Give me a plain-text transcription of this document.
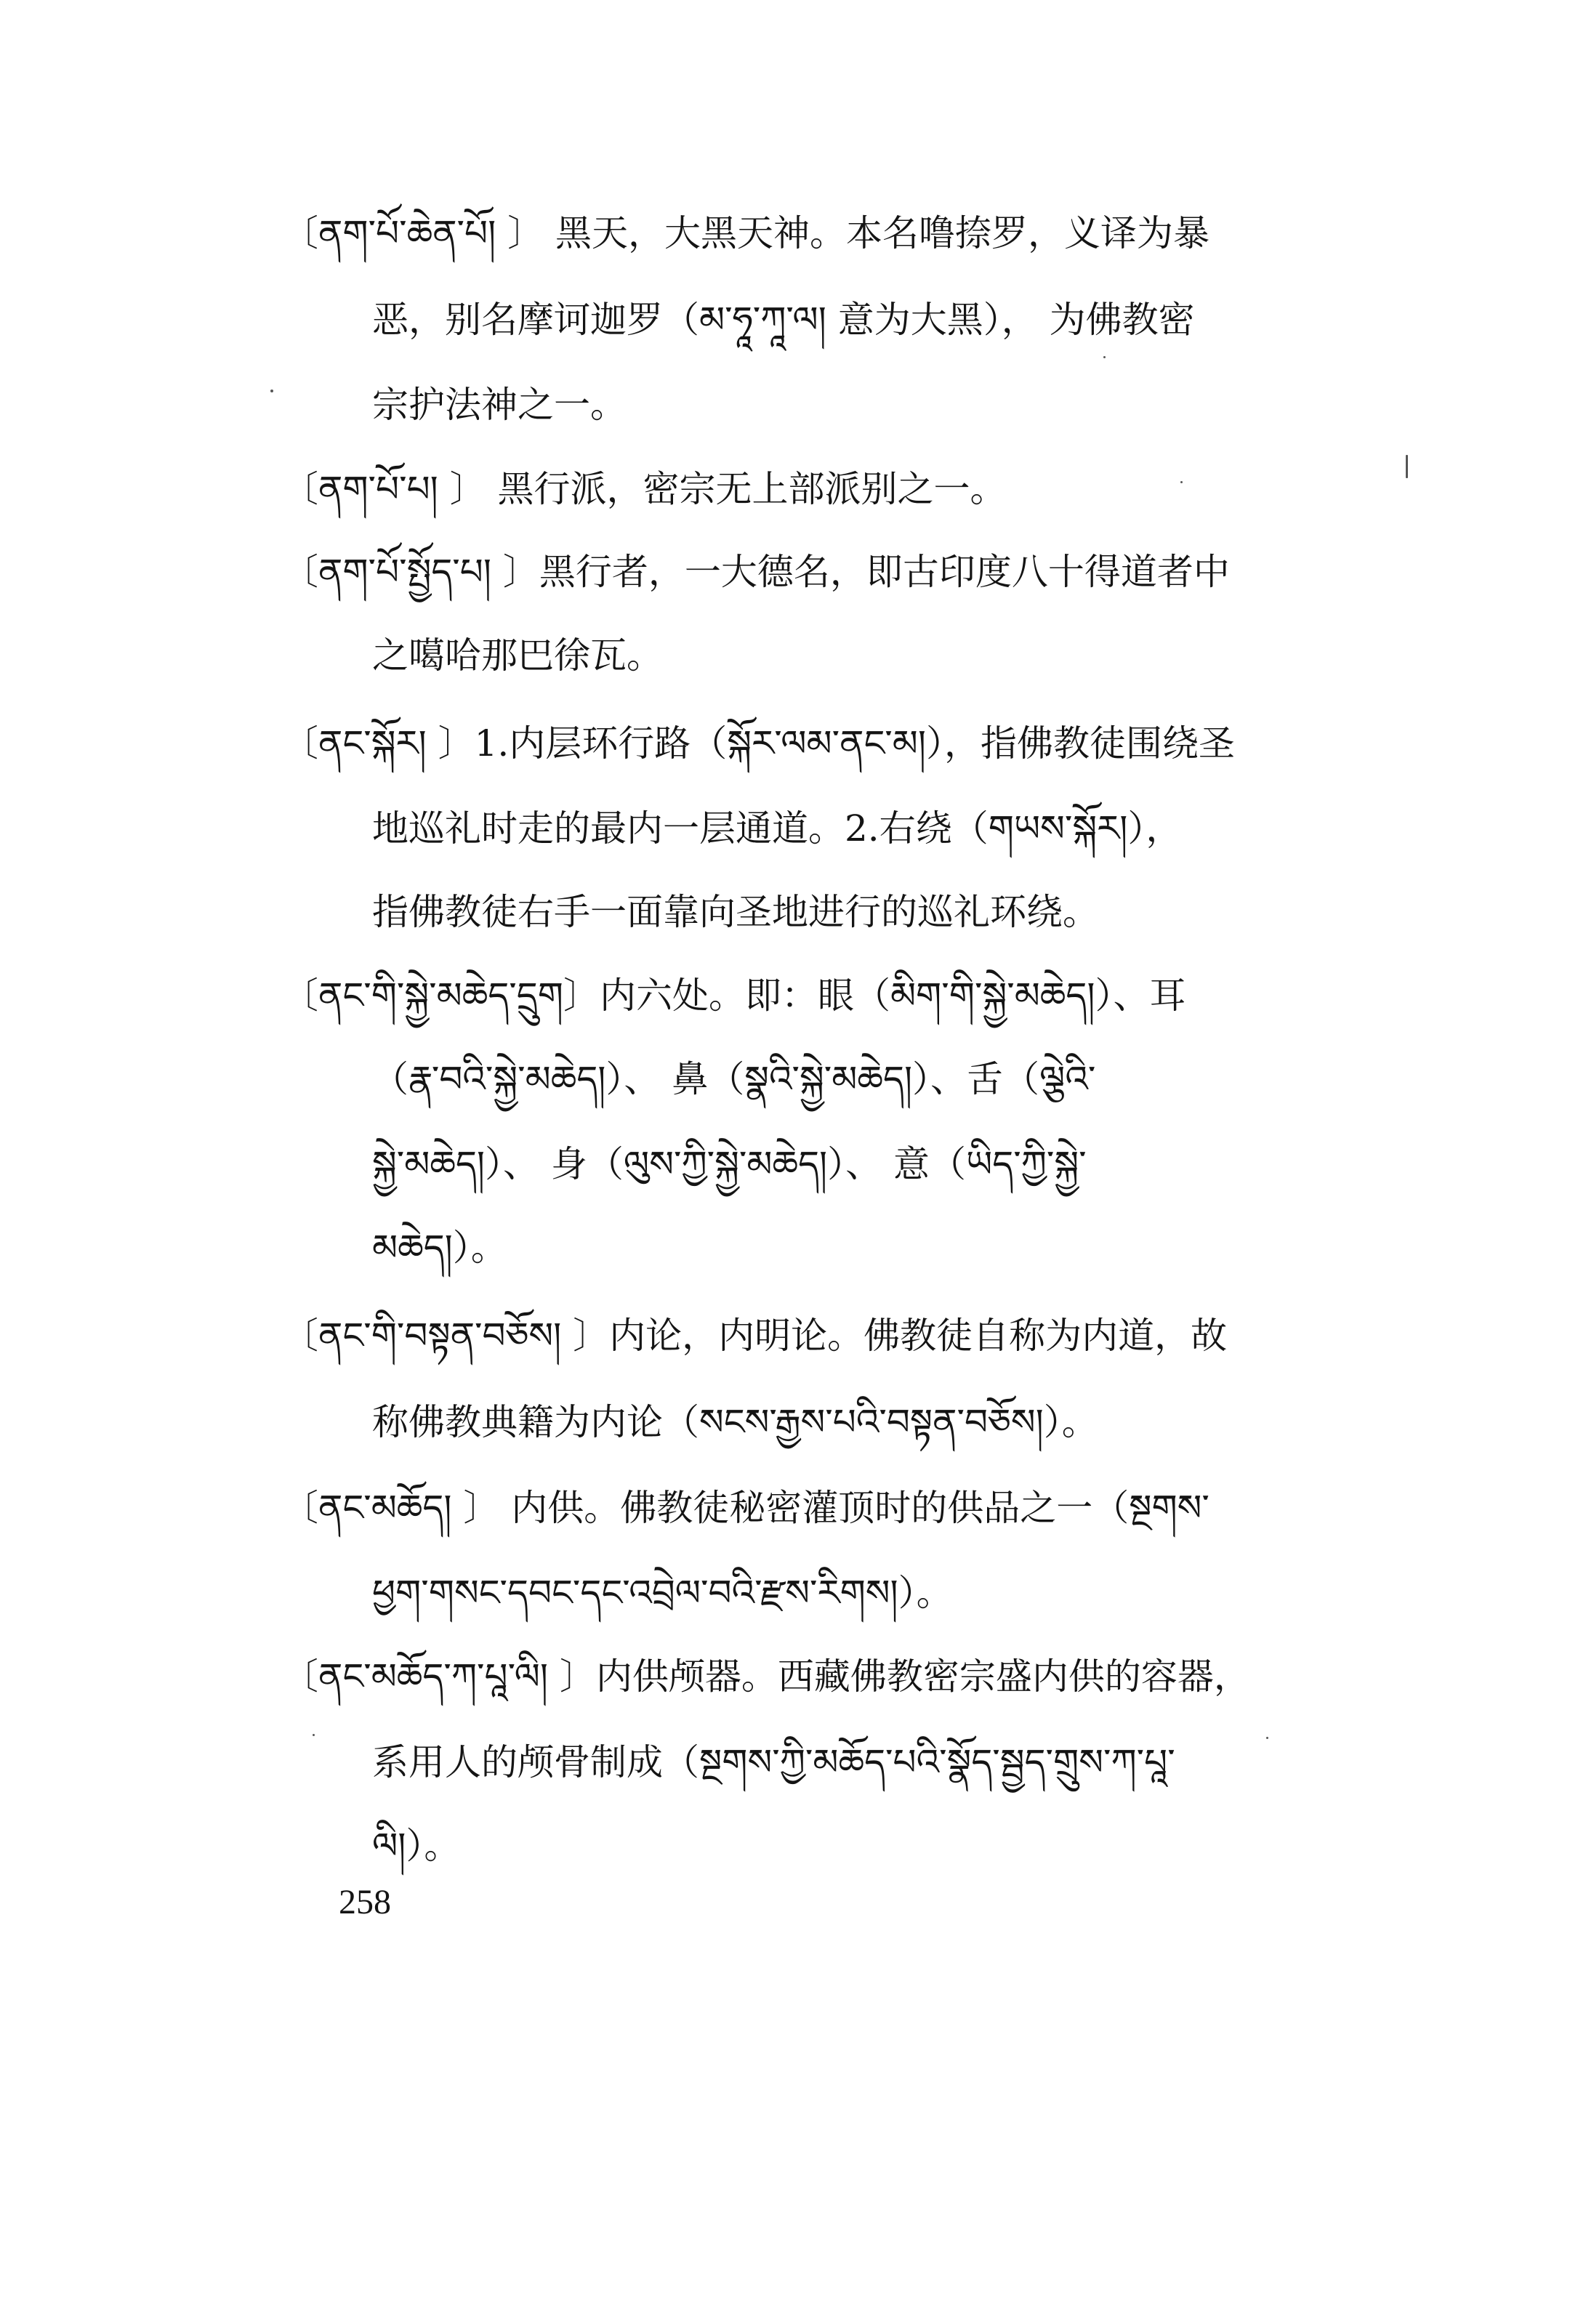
〔ནག་པོ་ཆེན་པོ། 〕 黑天，大黑天神。本名噜捺罗，义译为暴
恶，别名摩诃迦罗（མ་ཧཱ་ཀཱ་ལ། 意为大黑）， 为佛教密
宗护法神之一。
〔ནག་པོ་པ། 〕 黑行派，密宗无上部派别之一。
〔ནག་པོ་སྤྱོད་པ། 〕黑行者，一大德名，即古印度八十得道者中
之噶哈那巴徐瓦。
〔ནང་སྐོར། 〕1.内层环行路（སྐོར་ལམ་ནང་མ།），指佛教徒围绕圣
地巡礼时走的最内一层通道。2.右绕（གཡས་སྐོར།），
指佛教徒右手一面靠向圣地进行的巡礼环绕。
〔ནང་གི་སྐྱེ་མཆེད་དྲུག〕内六处。即：眼（མིག་གི་སྐྱེ་མཆེད།）、耳
（རྣ་བའི་སྐྱེ་མཆེད།）、 鼻（སྣའི་སྐྱེ་མཆེད།）、舌（ལྕེའི་
སྐྱེ་མཆེད།）、 身（ལུས་ཀྱི་སྐྱེ་མཆེད།）、 意（ཡིད་ཀྱི་སྐྱེ་
མཆེད།）。
〔ནང་གི་བསྟན་བཅོས། 〕内论，内明论。佛教徒自称为内道，故
称佛教典籍为内论（སངས་རྒྱས་པའི་བསྟན་བཅོས།）。
〔ནང་མཆོད། 〕 内供。佛教徒秘密灌顶时的供品之一（སྔགས་
ཕྱག་གསང་དབང་དང་འབྲེལ་བའི་རྫས་རིགས།）。
〔ནང་མཆོད་ཀ་པཱ་ལི། 〕内供颅器。西藏佛教密宗盛内供的容器，
系用人的颅骨制成（སྔགས་ཀྱི་མཆོད་པའི་སྣོད་སྦྱད་གྲུས་ཀ་པཱ་
ལི།）。
258
